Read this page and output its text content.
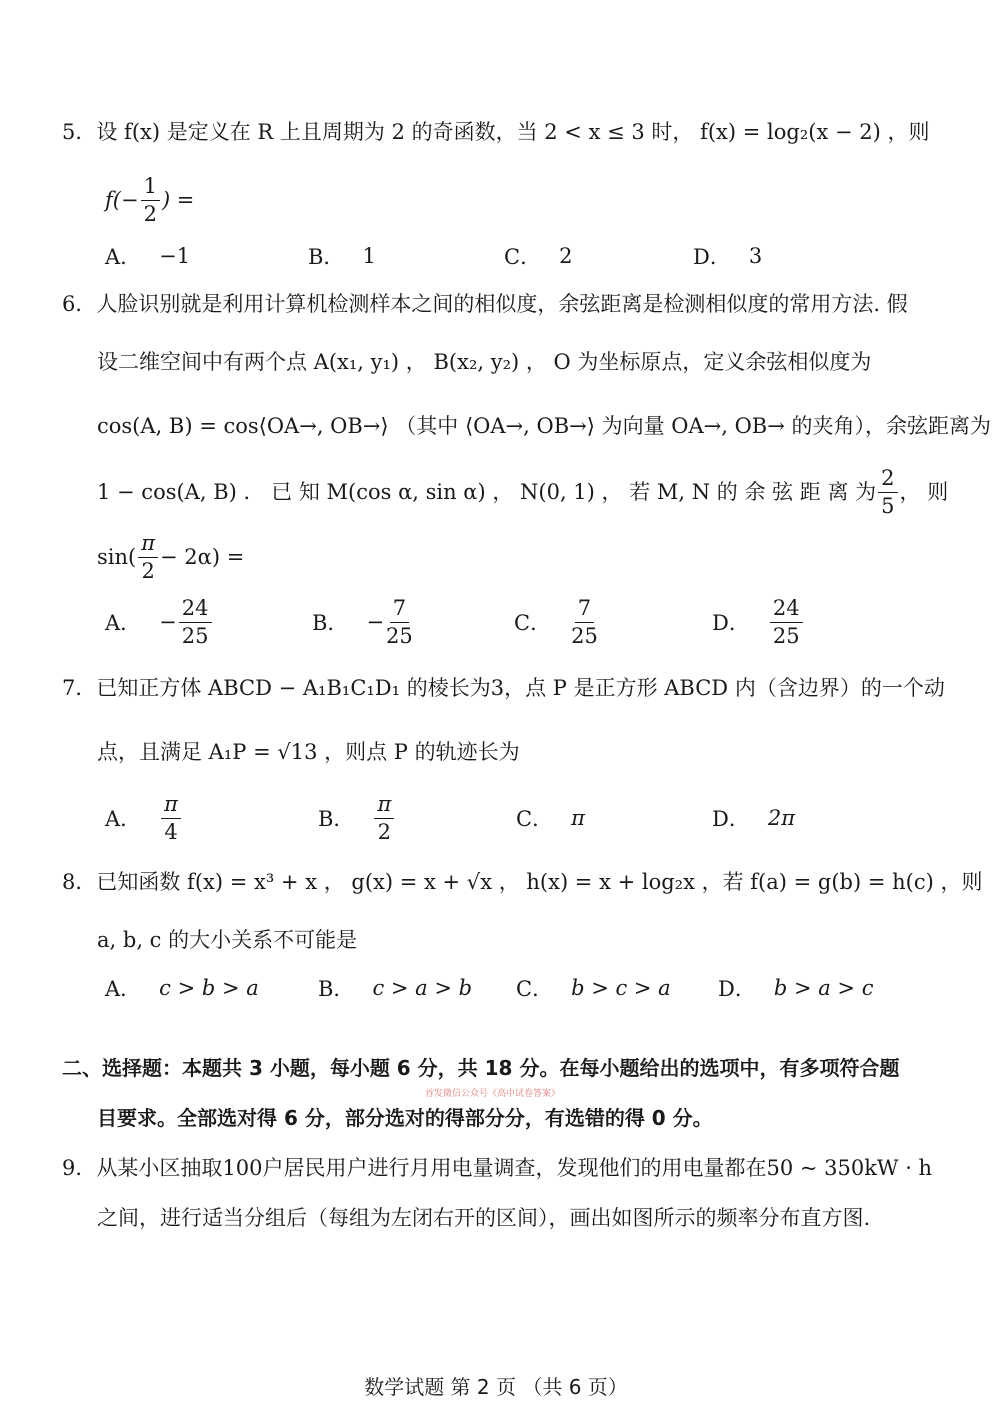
5．设 f(x) 是定义在 R 上且周期为 2 的奇函数，当 2 < x ≤ 3 时， f(x) = log₂(x − 2) ，则
$f(- \frac{1}{2}$ ) =
A． −1	B． 1	C． 2	D． 3
6．人脸识别就是利用计算机检测样本之间的相似度，余弦距离是检测相似度的常用方法. 假
设二维空间中有两个点 A(x₁, y₁) ， B(x₂, y₂) ， O 为坐标原点，定义余弦相似度为
cos(A, B) = cos⟨OA→, OB→⟩ （其中 ⟨OA→, OB→⟩ 为向量 OA→, OB→ 的夹角），余弦距离为
1 − cos(A, B) ． 已 知 M(cos α, sin α) ， N(0, 1) ， 若 M, N 的 余 弦 距 离 为 $\frac{2}{5}$ ， 则
$\sin( \frac{\pi}{2} - 2\alpha)$ =
A． − $\frac{24}{25}$	B． − $\frac{7}{25}$	C． $\frac{7}{25}$	D． $\frac{24}{25}$
7．已知正方体 ABCD − A₁B₁C₁D₁ 的棱长为3，点 P 是正方形 ABCD 内（含边界）的一个动
点，且满足 A₁P = √13 ，则点 P 的轨迹长为
A． $\frac{\pi}{4}$	B． $\frac{\pi}{2}$	C． π	D． 2π
8．已知函数 f(x) = x³ + x ， g(x) = x + √x ， h(x) = x + log₂x ，若 f(a) = g(b) = h(c) ，则
a, b, c 的大小关系不可能是
A． c > b > a	B． c > a > b C． b > c > a D． b > a > c
二、选择题：本题共 3 小题，每小题 6 分，共 18 分。在每小题给出的选项中，有多项符合题
首发微信公众号《高中试卷答案》
目要求。全部选对得 6 分，部分选对的得部分分，有选错的得 0 分。
9．从某小区抽取100户居民用户进行月用电量调查，发现他们的用电量都在50 ~ 350kW · h
之间，进行适当分组后（每组为左闭右开的区间），画出如图所示的频率分布直方图.
数学试题 第 2 页 （共 6 页）
